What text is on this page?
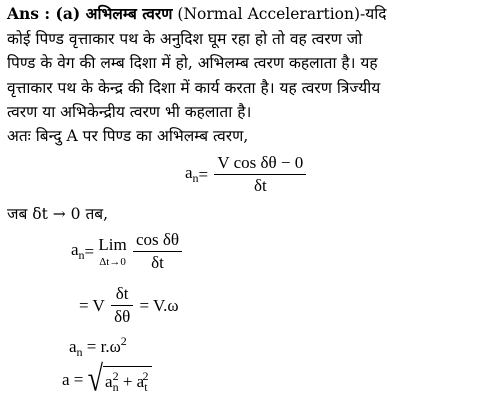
Ans : (a) अभिलम्ब त्वरण (Normal Accelerartion)-यदि
कोई पिण्ड वृत्ताकार पथ के अनुदिश घूम रहा हो तो वह त्वरण जो
पिण्ड के वेग की लम्ब दिशा में हो, अभिलम्ब त्वरण कहलाता है। यह
वृत्ताकार पथ के केन्द्र की दिशा में कार्य करता है। यह त्वरण त्रिज्यीय
त्वरण या अभिकेन्द्रीय त्वरण भी कहलाता है।
अतः बिन्दु A पर पिण्ड का अभिलम्ब त्वरण,
$a_n= \frac{\text{V cos δθ − 0}}{\delta t}$
जब δt → 0 तब,
$a_n=$ Lim
Δt→0
$\frac{\text{cos δθ}}{\delta t}$
= V $\frac{\delta t}{\delta\theta} = V.\omega$
$a_n = r.\omega^2$
a = √ $a_n^2 + a_t^2$
